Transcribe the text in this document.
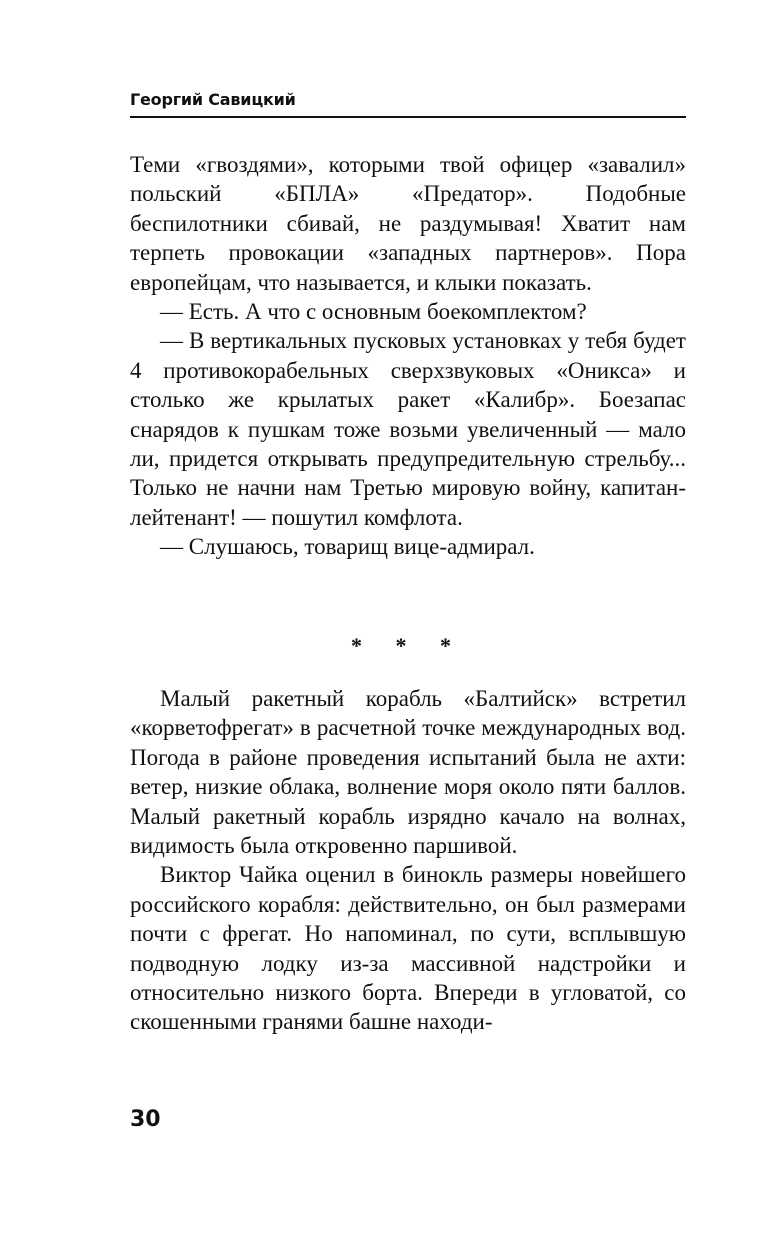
Георгий Савицкий

Теми «гвоздями», которыми твой офицер «завалил» польский «БПЛА» «Предатор». Подобные беспилотники сбивай, не раздумывая! Хватит нам терпеть провокации «западных партнеров». Пора европейцам, что называется, и клыки показать.

— Есть. А что с основным боекомплектом?

— В вертикальных пусковых установках у тебя будет 4 противокорабельных сверхзвуковых «Оникса» и столько же крылатых ракет «Калибр». Боезапас снарядов к пушкам тоже возьми увеличенный — мало ли, придется открывать предупредительную стрельбу... Только не начни нам Третью мировую войну, капитан-лейтенант! — пошутил комфлота.

— Слушаюсь, товарищ вице-адмирал.

* * *

Малый ракетный корабль «Балтийск» встретил «корветофрегат» в расчетной точке международных вод. Погода в районе проведения испытаний была не ахти: ветер, низкие облака, волнение моря около пяти баллов. Малый ракетный корабль изрядно качало на волнах, видимость была откровенно паршивой.

Виктор Чайка оценил в бинокль размеры новейшего российского корабля: действительно, он был размерами почти с фрегат. Но напоминал, по сути, всплывшую подводную лодку из-за массивной надстройки и относительно низкого борта. Впереди в угловатой, со скошенными гранями башне находи-

30
